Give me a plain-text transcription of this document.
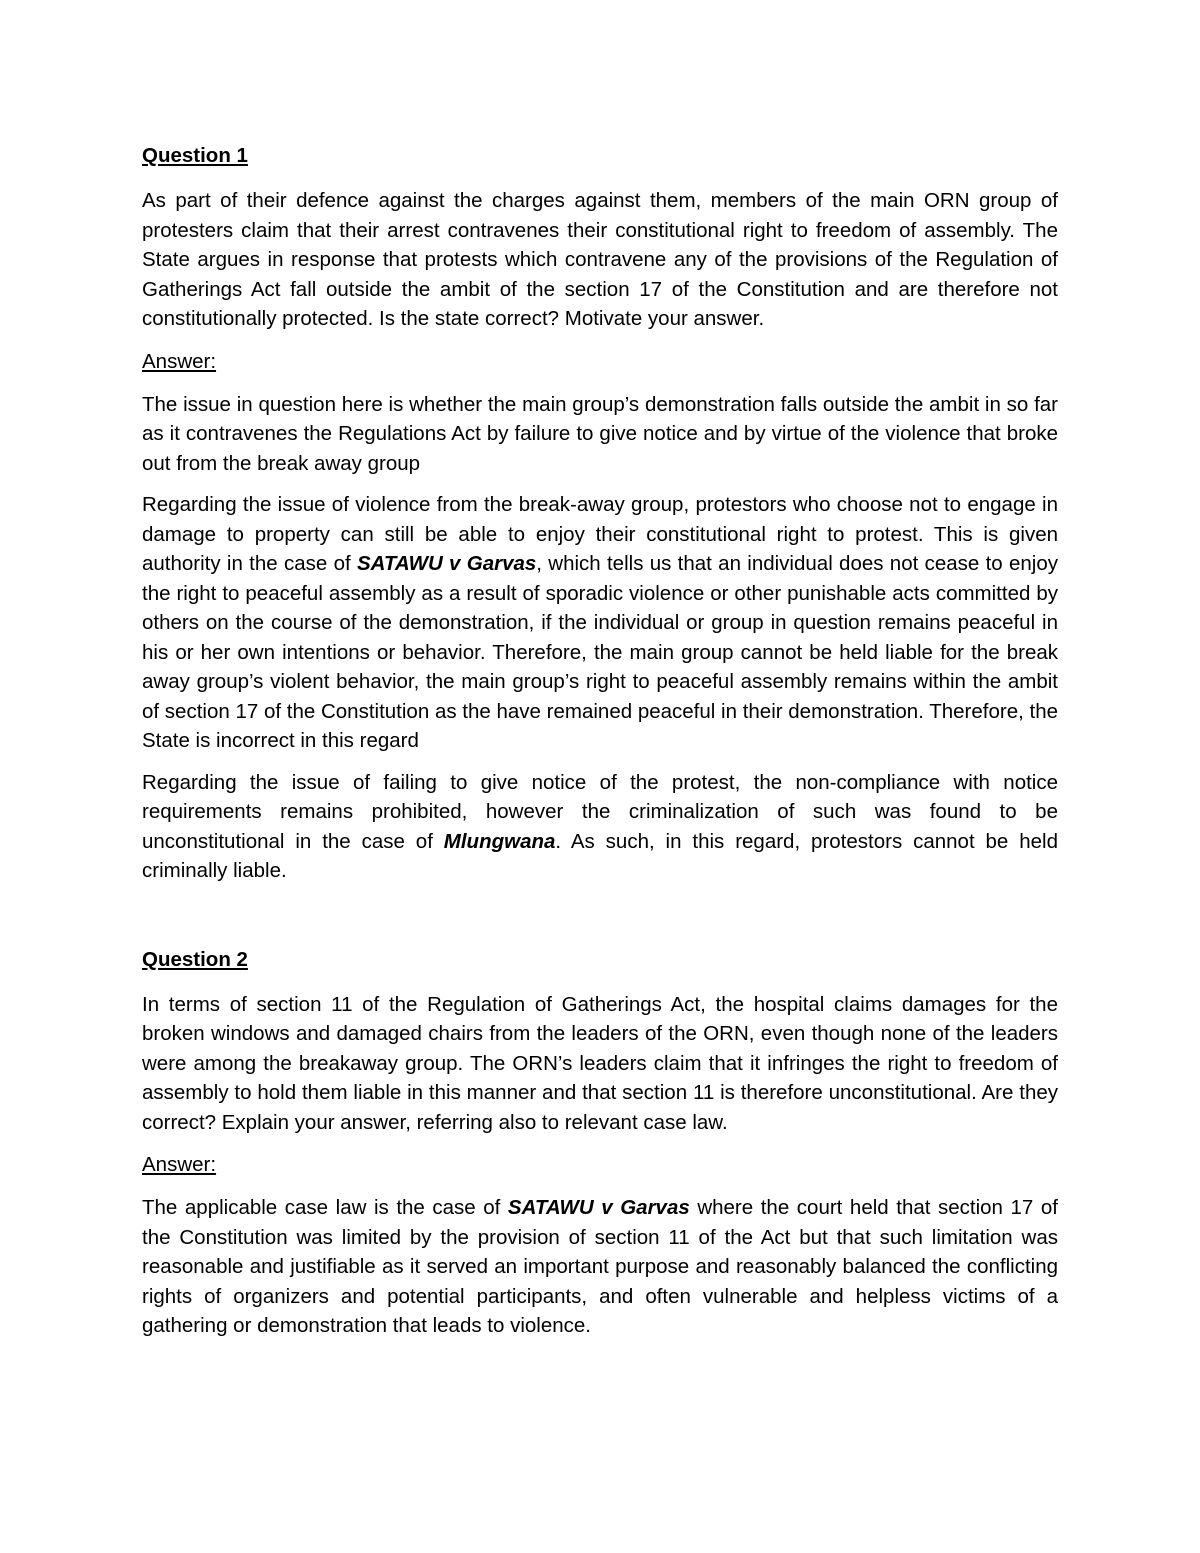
Question 1

As part of their defence against the charges against them, members of the main ORN group of protesters claim that their arrest contravenes their constitutional right to freedom of assembly. The State argues in response that protests which contravene any of the provisions of the Regulation of Gatherings Act fall outside the ambit of the section 17 of the Constitution and are therefore not constitutionally protected. Is the state correct? Motivate your answer.

Answer:

The issue in question here is whether the main group’s demonstration falls outside the ambit in so far as it contravenes the Regulations Act by failure to give notice and by virtue of the violence that broke out from the break away group

Regarding the issue of violence from the break-away group, protestors who choose not to engage in damage to property can still be able to enjoy their constitutional right to protest. This is given authority in the case of SATAWU v Garvas, which tells us that an individual does not cease to enjoy the right to peaceful assembly as a result of sporadic violence or other punishable acts committed by others on the course of the demonstration, if the individual or group in question remains peaceful in his or her own intentions or behavior. Therefore, the main group cannot be held liable for the break away group’s violent behavior, the main group’s right to peaceful assembly remains within the ambit of section 17 of the Constitution as the have remained peaceful in their demonstration. Therefore, the State is incorrect in this regard

Regarding the issue of failing to give notice of the protest, the non-compliance with notice requirements remains prohibited, however the criminalization of such was found to be unconstitutional in the case of Mlungwana. As such, in this regard, protestors cannot be held criminally liable.

Question 2

In terms of section 11 of the Regulation of Gatherings Act, the hospital claims damages for the broken windows and damaged chairs from the leaders of the ORN, even though none of the leaders were among the breakaway group. The ORN’s leaders claim that it infringes the right to freedom of assembly to hold them liable in this manner and that section 11 is therefore unconstitutional. Are they correct? Explain your answer, referring also to relevant case law.

Answer:

The applicable case law is the case of SATAWU v Garvas where the court held that section 17 of the Constitution was limited by the provision of section 11 of the Act but that such limitation was reasonable and justifiable as it served an important purpose and reasonably balanced the conflicting rights of organizers and potential participants, and often vulnerable and helpless victims of a gathering or demonstration that leads to violence.
